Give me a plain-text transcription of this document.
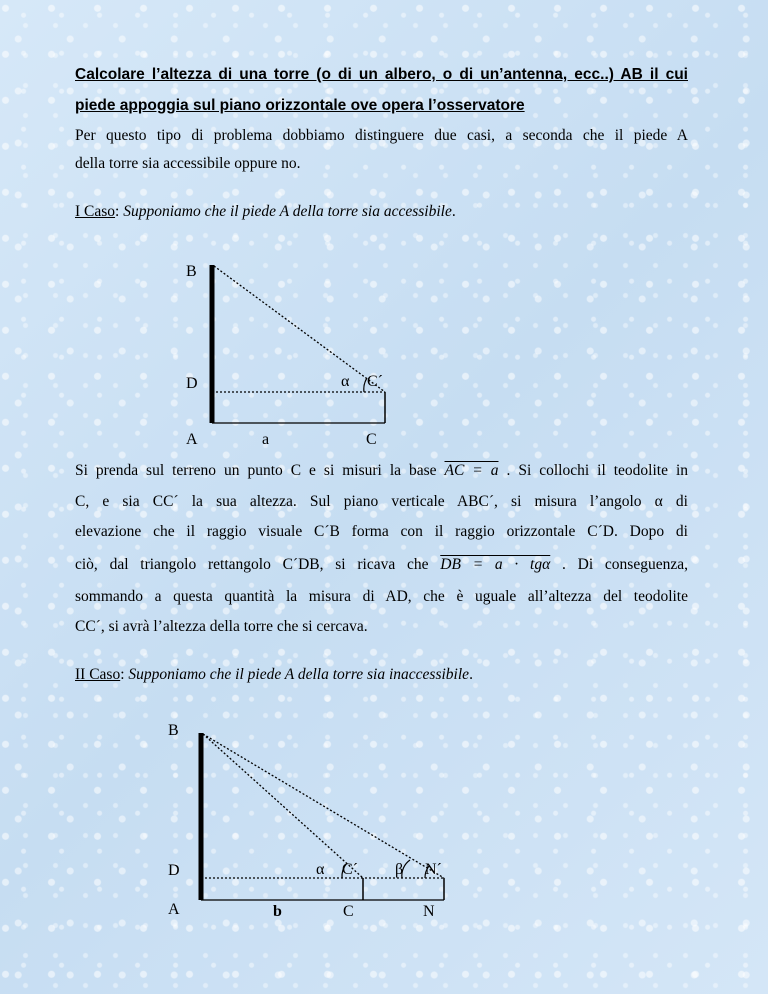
Calcolare l’altezza di una torre (o di un albero, o di un’antenna, ecc..) AB il cui
piede appoggia sul piano orizzontale ove opera l’osservatore
Per questo tipo di problema dobbiamo distinguere due casi, a seconda che il piede A
della torre sia accessibile oppure no.
I Caso: Supponiamo che il piede A della torre sia accessibile.
B
D	α C´
A	a	C
B
D	α C´ β N´
A	b	C	N
Si prenda sul terreno un punto C e si misuri la base AC = a . Si collochi il teodolite in
C, e sia CC´ la sua altezza. Sul piano verticale ABC´, si misura l’angolo α di
elevazione che il raggio visuale C´B forma con il raggio orizzontale C´D. Dopo di
ciò, dal triangolo rettangolo C´DB, si ricava che DB = a · tgα . Di conseguenza,
sommando a questa quantità la misura di AD, che è uguale all’altezza del teodolite
CC´, si avrà l’altezza della torre che si cercava.
II Caso: Supponiamo che il piede A della torre sia inaccessibile.
